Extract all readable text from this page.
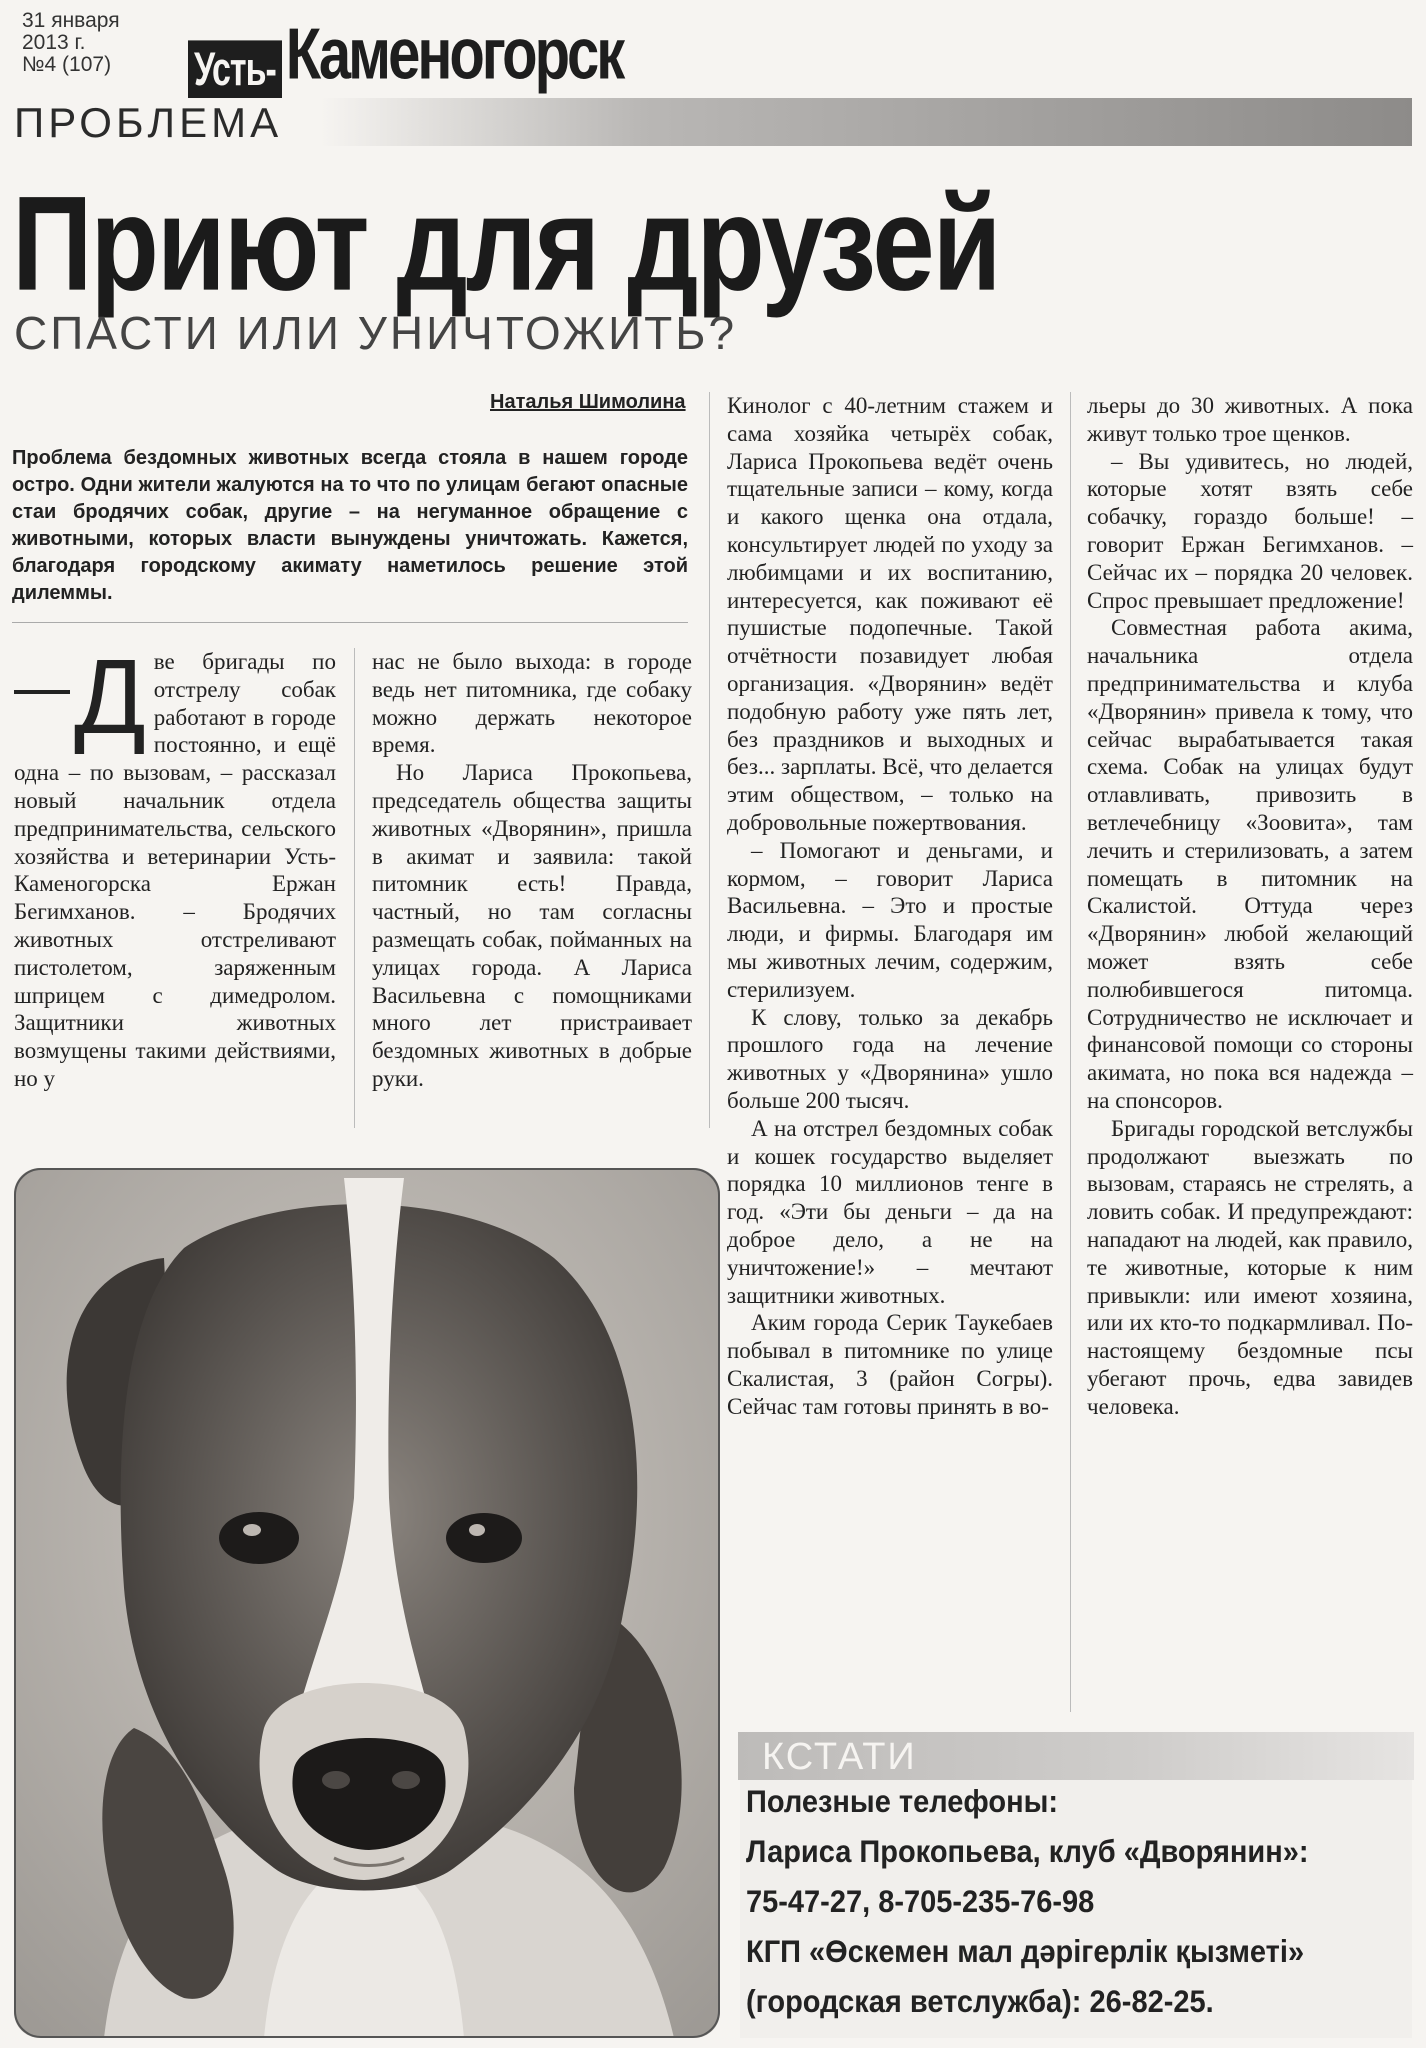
31 января
2013 г.
№4 (107)	Усть- Каменогорск
ПРОБЛЕМА
Приют для друзей
СПАСТИ ИЛИ УНИЧТОЖИТЬ?
Наталья Шимолина
Проблема бездомных животных всегда стояла в нашем городе остро. Одни жители жалуются на то что по улицам бегают опасные стаи бродячих собак, другие – на негуманное обращение с животными, которых власти вынуждены уничтожать. Кажется, благодаря городскому акимату наметилось решение этой дилеммы.
Д ве бригады по отстрелу собак работают в городе постоянно, и ещё одна – по вызовам, – рассказал новый начальник отдела предпринимательства, сельского хозяйства и ветеринарии Усть-Каменогорска Ержан Бегимханов. – Бродячих животных отстреливают пистолетом, заряженным шприцем с димедролом. Защитники животных возмущены такими действиями, но у

нас не было выхода: в городе ведь нет питомника, где собаку можно держать некоторое время.

Но Лариса Прокопьева, председатель общества защиты животных «Дворянин», пришла в акимат и заявила: такой питомник есть! Правда, частный, но там согласны размещать собак, пойманных на улицах города. А Лариса Васильевна с помощниками много лет пристраивает бездомных животных в добрые руки.

Кинолог с 40-летним стажем и сама хозяйка четырёх собак, Лариса Прокопьева ведёт очень тщательные записи – кому, когда и какого щенка она отдала, консультирует людей по уходу за любимцами и их воспитанию, интересуется, как поживают её пушистые подопечные. Такой отчётности позавидует любая организация. «Дворянин» ведёт подобную работу уже пять лет, без праздников и выходных и без... зарплаты. Всё, что делается этим обществом, – только на добровольные пожертвования.

– Помогают и деньгами, и кормом, – говорит Лариса Васильевна. – Это и простые люди, и фирмы. Благодаря им мы животных лечим, содержим, стерилизуем.

К слову, только за декабрь прошлого года на лечение животных у «Дворянина» ушло больше 200 тысяч.

А на отстрел бездомных собак и кошек государство выделяет порядка 10 миллионов тенге в год. «Эти бы деньги – да на доброе дело, а не на уничтожение!» – мечтают защитники животных.

Аким города Серик Таукебаев побывал в питомнике по улице Скалистая, 3 (район Согры). Сейчас там готовы принять в во-

льеры до 30 животных. А пока живут только трое щенков.

– Вы удивитесь, но людей, которые хотят взять себе собачку, гораздо больше! – говорит Ержан Бегимханов. – Сейчас их – порядка 20 человек. Спрос превышает предложение!

Совместная работа акима, начальника отдела предпринимательства и клуба «Дворянин» привела к тому, что сейчас вырабатывается такая схема. Собак на улицах будут отлавливать, привозить в ветлечебницу «Зоовита», там лечить и стерилизовать, а затем помещать в питомник на Скалистой. Оттуда через «Дворянин» любой желающий может взять себе полюбившегося питомца. Сотрудничество не исключает и финансовой помощи со стороны акимата, но пока вся надежда – на спонсоров.

Бригады городской ветслужбы продолжают выезжать по вызовам, стараясь не стрелять, а ловить собак. И предупреждают: нападают на людей, как правило, те животные, которые к ним привыкли: или имеют хозяина, или их кто-то подкармливал. По-настоящему бездомные псы убегают прочь, едва завидев человека.

КСТАТИ
Полезные телефоны:
Лариса Прокопьева, клуб «Дворянин»:
75-47-27, 8-705-235-76-98
КГП «Өскемен мал дәрігерлік қызметі»
(городская ветслужба): 26-82-25.
